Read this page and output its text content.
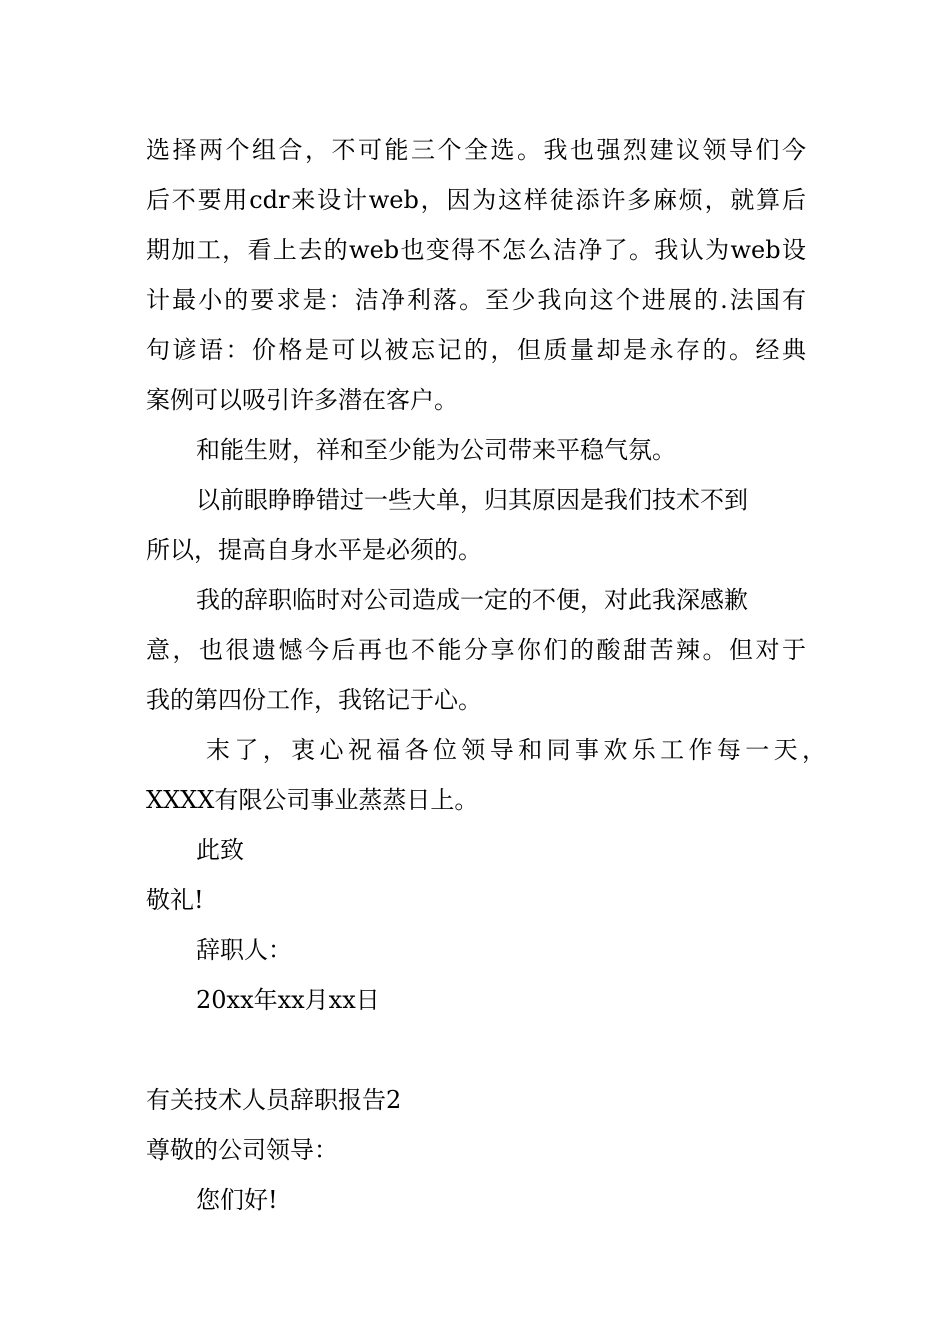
选择两个组合，不可能三个全选。我也强烈建议领导们今
后不要用cdr来设计web，因为这样徒添许多麻烦，就算后
期加工，看上去的web也变得不怎么洁净了。我认为web设
计最小的要求是：洁净利落。至少我向这个进展的.法国有
句谚语：价格是可以被忘记的，但质量却是永存的。经典
案例可以吸引许多潜在客户。
和能生财，祥和至少能为公司带来平稳气氛。
以前眼睁睁错过一些大单，归其原因是我们技术不到
所以，提高自身水平是必须的。
我的辞职临时对公司造成一定的不便，对此我深感歉
意，也很遗憾今后再也不能分享你们的酸甜苦辣。但对于
我的第四份工作，我铭记于心。
末了，衷心祝福各位领导和同事欢乐工作每一天，
XXXX有限公司事业蒸蒸日上。
此致
敬礼!
辞职人：
20xx年xx月xx日
有关技术人员辞职报告2
尊敬的公司领导：
您们好!
